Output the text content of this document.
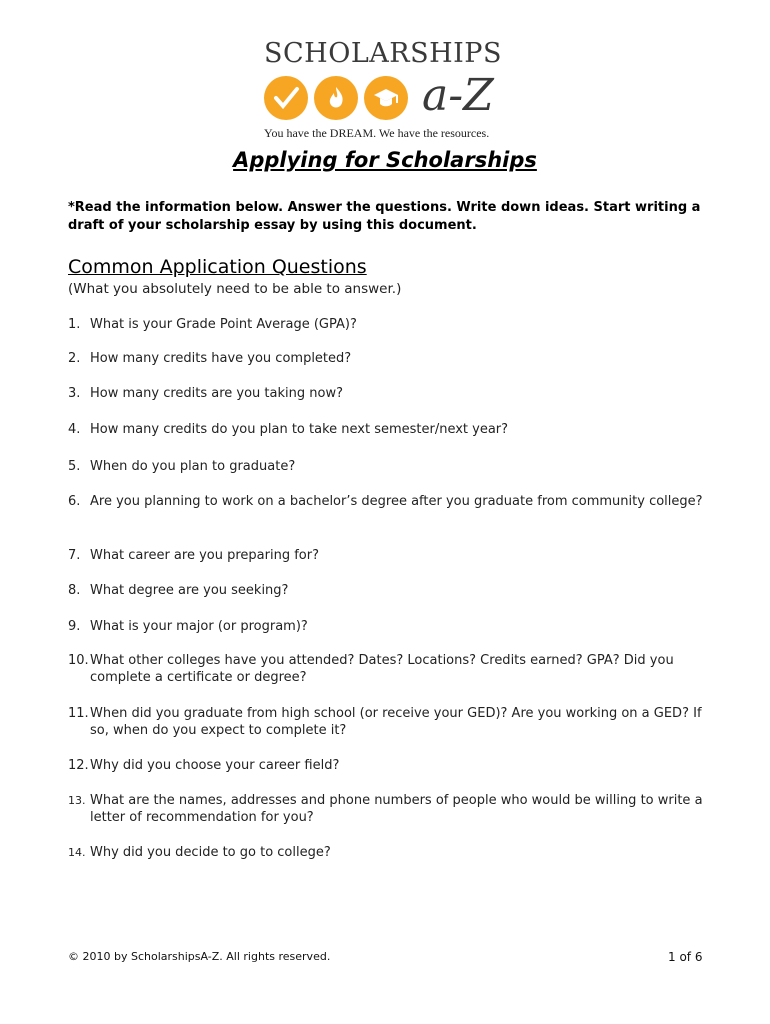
SCHOLARSHIPS
a-Z
You have the DREAM. We have the resources.
Applying for Scholarships
*Read the information below. Answer the questions. Write down ideas. Start writing a draft of your scholarship essay by using this document.
Common Application Questions
(What you absolutely need to be able to answer.)
1. What is your Grade Point Average (GPA)?
2. How many credits have you completed?
3. How many credits are you taking now?
4. How many credits do you plan to take next semester/next year?
5. When do you plan to graduate?
6. Are you planning to work on a bachelor’s degree after you graduate from community college?
7. What career are you preparing for?
8. What degree are you seeking?
9. What is your major (or program)?
10. What other colleges have you attended? Dates? Locations? Credits earned? GPA? Did you complete a certificate or degree?
11. When did you graduate from high school (or receive your GED)? Are you working on a GED? If so, when do you expect to complete it?
12. Why did you choose your career field?
13. What are the names, addresses and phone numbers of people who would be willing to write a letter of recommendation for you?
14. Why did you decide to go to college?
© 2010 by ScholarshipsA-Z. All rights reserved.	1 of 6
